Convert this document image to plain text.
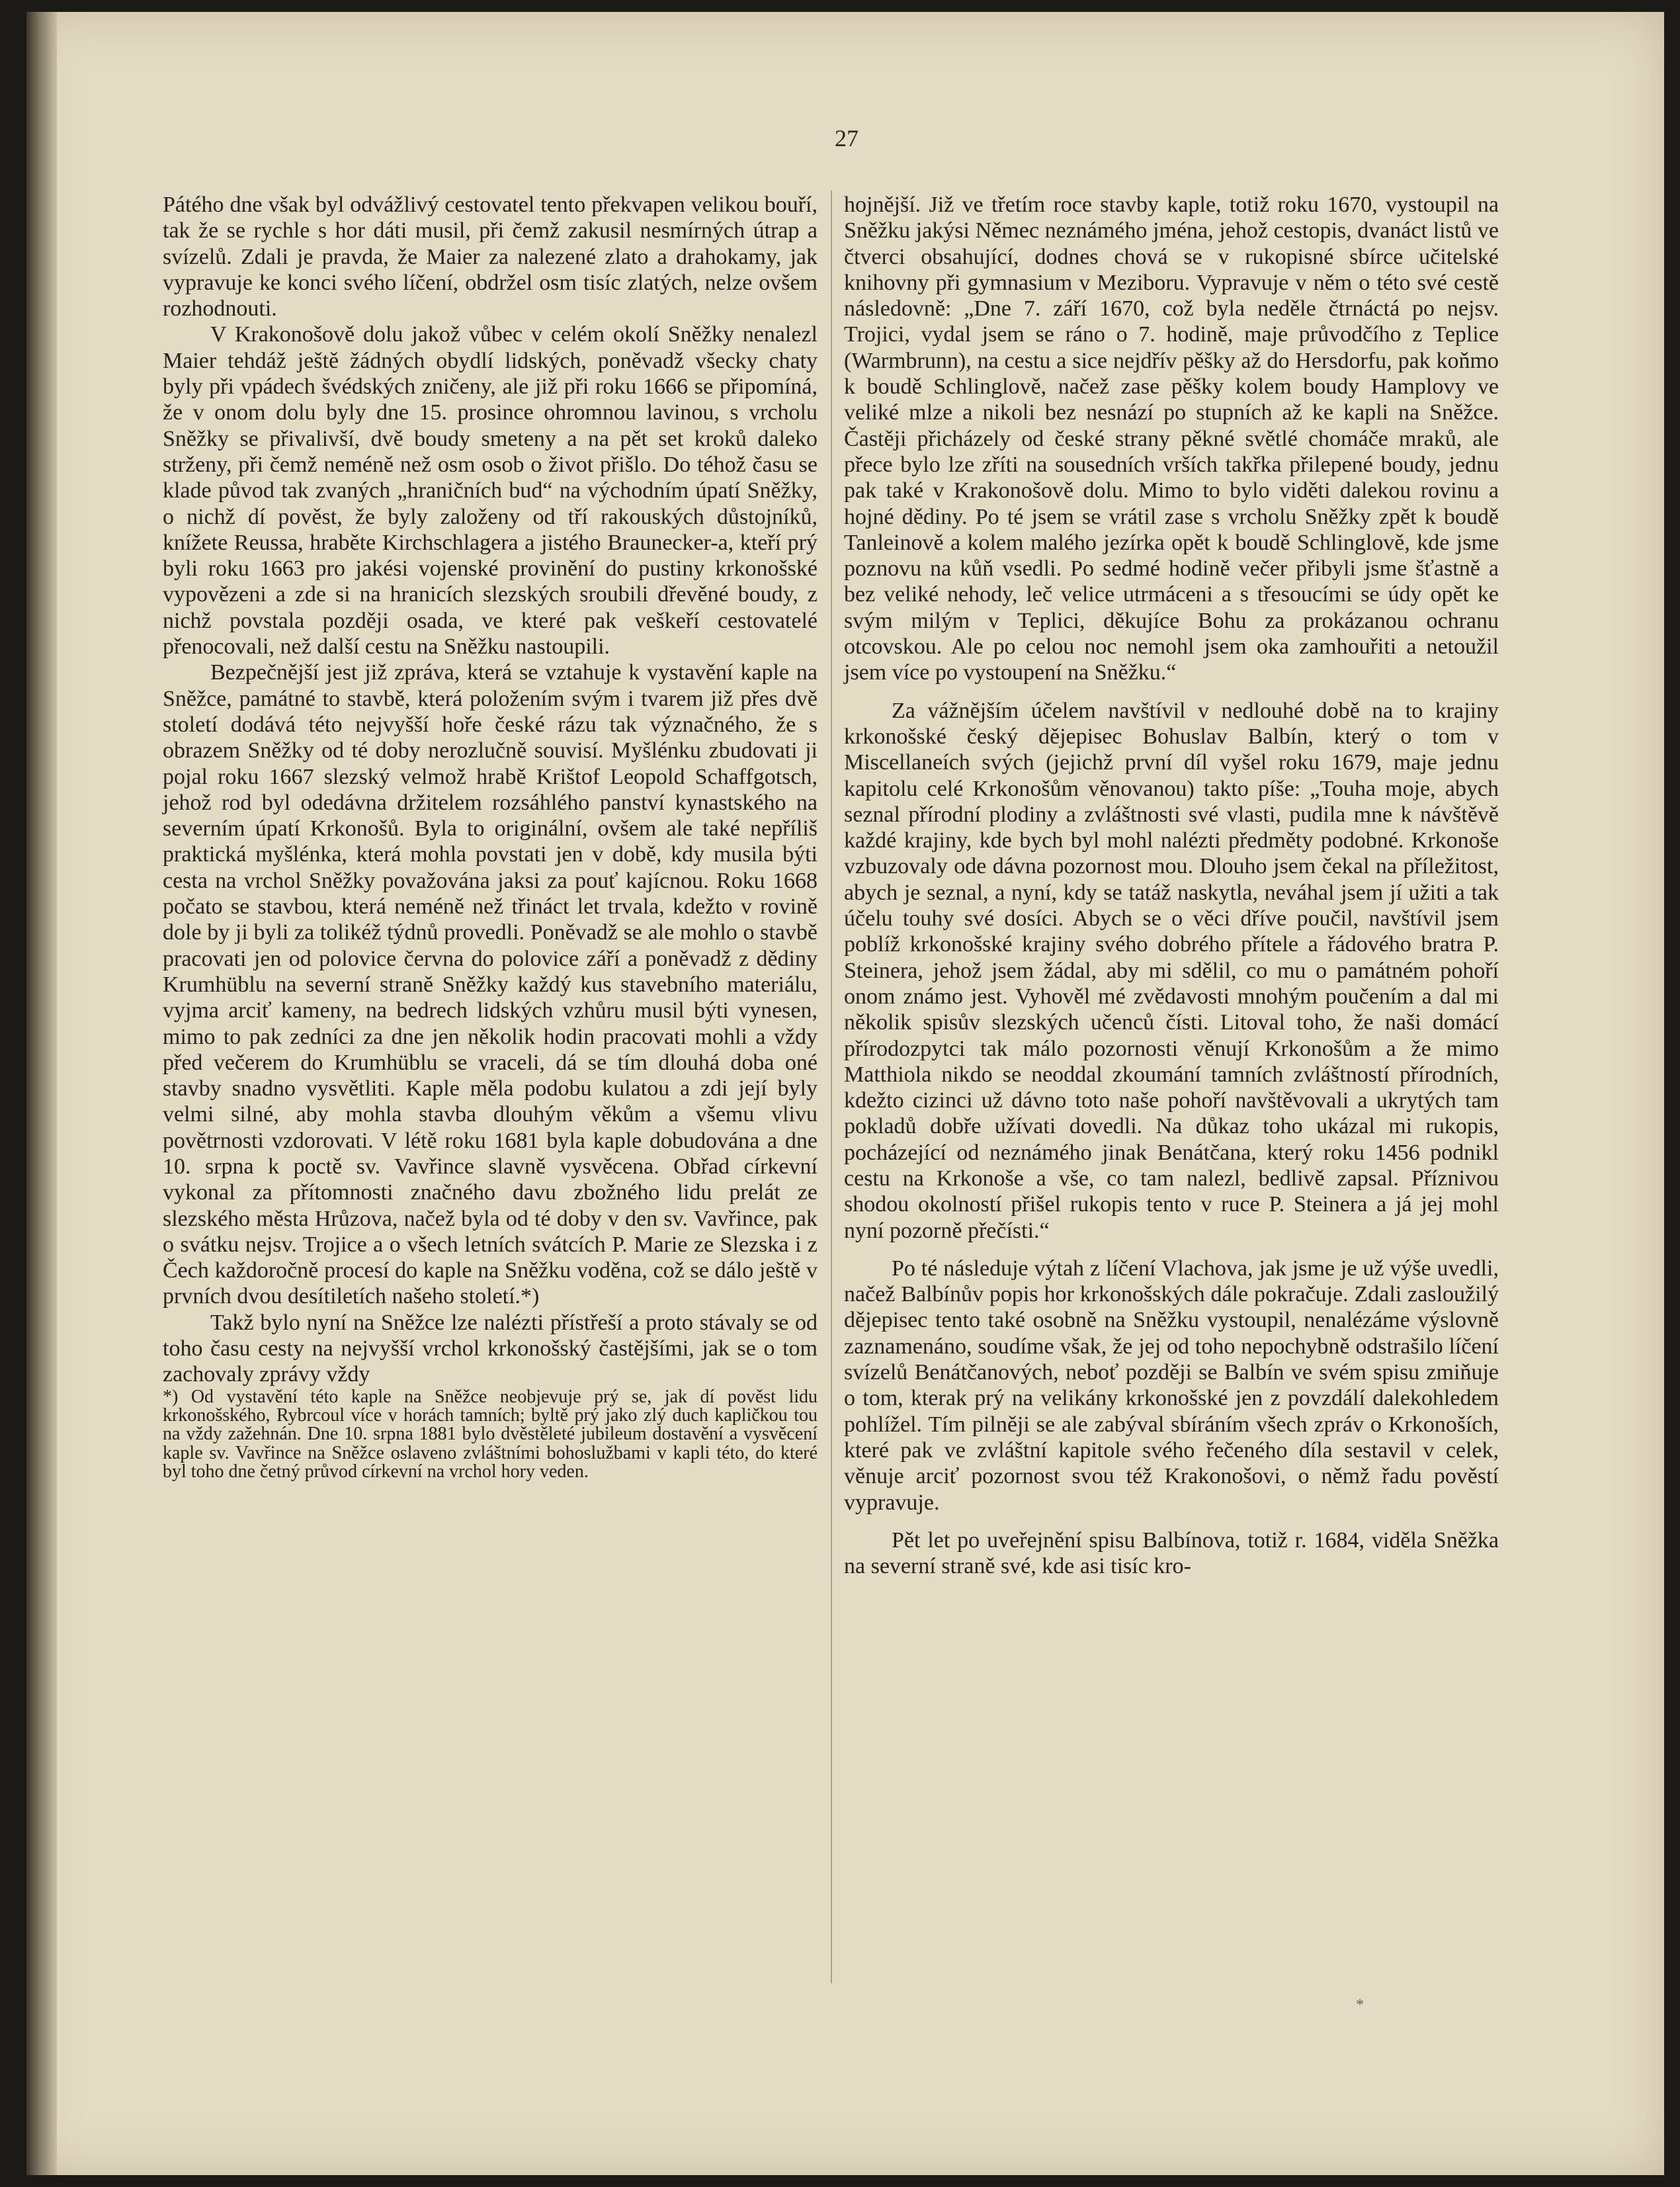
27

Pátého dne však byl odvážlivý cestovatel tento překvapen velikou bouří, tak že se rychle s hor dáti musil, při čemž zakusil nesmírných útrap a svízelů. Zdali je pravda, že Maier za nalezené zlato a drahokamy, jak vypravuje ke konci svého líčení, obdržel osm tisíc zlatých, nelze ovšem rozhodnouti.

V Krakonošově dolu jakož vůbec v celém okolí Sněžky nenalezl Maier tehdáž ještě žádných obydlí lidských, poněvadž všecky chaty byly při vpádech švédských zničeny, ale již při roku 1666 se připomíná, že v onom dolu byly dne 15. prosince ohromnou lavinou, s vrcholu Sněžky se přivalivší, dvě boudy smeteny a na pět set kroků daleko strženy, při čemž neméně než osm osob o život přišlo. Do téhož času se klade původ tak zvaných „hraničních bud“ na východním úpatí Sněžky, o nichž dí pověst, že byly založeny od tří rakouských důstojníků, knížete Reussa, hraběte Kirchschlagera a jistého Braunecker-a, kteří prý byli roku 1663 pro jakési vojenské provinění do pustiny krkonošské vypovězeni a zde si na hranicích slezských sroubili dřevěné boudy, z nichž povstala později osada, ve které pak veškeří cestovatelé přenocovali, než další cestu na Sněžku nastoupili.

Bezpečnější jest již zpráva, která se vztahuje k vystavění kaple na Sněžce, památné to stavbě, která položením svým i tvarem již přes dvě století dodává této nejvyšší hoře české rázu tak význačného, že s obrazem Sněžky od té doby nerozlučně souvisí. Myšlénku zbudovati ji pojal roku 1667 slezský velmož hrabě Krištof Leopold Schaffgotsch, jehož rod byl odedávna držitelem rozsáhlého panství kynastského na severním úpatí Krkonošů. Byla to originální, ovšem ale také nepříliš praktická myšlénka, která mohla povstati jen v době, kdy musila býti cesta na vrchol Sněžky považována jaksi za pouť kajícnou. Roku 1668 počato se stavbou, která neméně než třináct let trvala, kdežto v rovině dole by ji byli za tolikéž týdnů provedli. Poněvadž se ale mohlo o stavbě pracovati jen od polovice června do polovice září a poněvadž z dědiny Krumhüblu na severní straně Sněžky každý kus stavebního materiálu, vyjma arciť kameny, na bedrech lidských vzhůru musil býti vynesen, mimo to pak zedníci za dne jen několik hodin pracovati mohli a vždy před večerem do Krumhüblu se vraceli, dá se tím dlouhá doba oné stavby snadno vysvětliti. Kaple měla podobu kulatou a zdi její byly velmi silné, aby mohla stavba dlouhým věkům a všemu vlivu povětrnosti vzdorovati. V létě roku 1681 byla kaple dobudována a dne 10. srpna k poctě sv. Vavřince slavně vysvěcena. Obřad církevní vykonal za přítomnosti značného davu zbožného lidu prelát ze slezského města Hrůzova, načež byla od té doby v den sv. Vavřince, pak o svátku nejsv. Trojice a o všech letních svátcích P. Marie ze Slezska i z Čech každoročně procesí do kaple na Sněžku voděna, což se dálo ještě v prvních dvou desítiletích našeho století.*)

Takž bylo nyní na Sněžce lze nalézti přístřeší a proto stávaly se od toho času cesty na nejvyšší vrchol krkonošský častějšími, jak se o tom zachovaly zprávy vždy

*) Od vystavění této kaple na Sněžce neobjevuje prý se, jak dí pověst lidu krkonošského, Rybrcoul více v horách tamních; byltě prý jako zlý duch kapličkou tou na vždy zažehnán. Dne 10. srpna 1881 bylo dvěstěleté jubileum dostavění a vysvěcení kaple sv. Vavřince na Sněžce oslaveno zvláštními bohoslužbami v kapli této, do které byl toho dne četný průvod církevní na vrchol hory veden.

hojnější. Již ve třetím roce stavby kaple, totiž roku 1670, vystoupil na Sněžku jakýsi Němec neznámého jména, jehož cestopis, dvanáct listů ve čtverci obsahující, dodnes chová se v rukopisné sbírce učitelské knihovny při gymnasium v Meziboru. Vypravuje v něm o této své cestě následovně: „Dne 7. září 1670, což byla neděle čtrnáctá po nejsv. Trojici, vydal jsem se ráno o 7. hodině, maje průvodčího z Teplice (Warmbrunn), na cestu a sice nejdřív pěšky až do Hersdorfu, pak koňmo k boudě Schlinglově, načež zase pěšky kolem boudy Hamplovy ve veliké mlze a nikoli bez nesnází po stupních až ke kapli na Sněžce. Častěji přicházely od české strany pěkné světlé chomáče mraků, ale přece bylo lze zříti na sousedních vrších takřka přilepené boudy, jednu pak také v Krakonošově dolu. Mimo to bylo viděti dalekou rovinu a hojné dědiny. Po té jsem se vrátil zase s vrcholu Sněžky zpět k boudě Tanleinově a kolem malého jezírka opět k boudě Schlinglově, kde jsme poznovu na kůň vsedli. Po sedmé hodině večer přibyli jsme šťastně a bez veliké nehody, leč velice utrmáceni a s třesoucími se údy opět ke svým milým v Teplici, děkujíce Bohu za prokázanou ochranu otcovskou. Ale po celou noc nemohl jsem oka zamhouřiti a netoužil jsem více po vystoupení na Sněžku.“

Za vážnějším účelem navštívil v nedlouhé době na to krajiny krkonošské český dějepisec Bohuslav Balbín, který o tom v Miscellaneích svých (jejichž první díl vyšel roku 1679, maje jednu kapitolu celé Krkonošům věnovanou) takto píše: „Touha moje, abych seznal přírodní plodiny a zvláštnosti své vlasti, pudila mne k návštěvě každé krajiny, kde bych byl mohl nalézti předměty podobné. Krkonoše vzbuzovaly ode dávna pozornost mou. Dlouho jsem čekal na příležitost, abych je seznal, a nyní, kdy se tatáž naskytla, neváhal jsem jí užiti a tak účelu touhy své dosíci. Abych se o věci dříve poučil, navštívil jsem poblíž krkonošské krajiny svého dobrého přítele a řádového bratra P. Steinera, jehož jsem žádal, aby mi sdělil, co mu o památném pohoří onom známo jest. Vyhověl mé zvědavosti mnohým poučením a dal mi několik spisův slezských učenců čísti. Litoval toho, že naši domácí přírodozpytci tak málo pozornosti věnují Krkonošům a že mimo Matthiola nikdo se neoddal zkoumání tamních zvláštností přírodních, kdežto cizinci už dávno toto naše pohoří navštěvovali a ukrytých tam pokladů dobře užívati dovedli. Na důkaz toho ukázal mi rukopis, pocházející od neznámého jinak Benátčana, který roku 1456 podnikl cestu na Krkonoše a vše, co tam nalezl, bedlivě zapsal. Příznivou shodou okolností přišel rukopis tento v ruce P. Steinera a já jej mohl nyní pozorně přečísti.“

Po té následuje výtah z líčení Vlachova, jak jsme je už výše uvedli, načež Balbínův popis hor krkonošských dále pokračuje. Zdali zasloužilý dějepisec tento také osobně na Sněžku vystoupil, nenalézáme výslovně zaznamenáno, soudíme však, že jej od toho nepochybně odstrašilo líčení svízelů Benátčanových, neboť později se Balbín ve svém spisu zmiňuje o tom, kterak prý na velikány krkonošské jen z povzdálí dalekohledem pohlížel. Tím pilněji se ale zabýval sbíráním všech zpráv o Krkonoších, které pak ve zvláštní kapitole svého řečeného díla sestavil v celek, věnuje arciť pozornost svou též Krakonošovi, o němž řadu pověstí vypravuje.

Pět let po uveřejnění spisu Balbínova, totiž r. 1684, viděla Sněžka na severní straně své, kde asi tisíc kro-

*
